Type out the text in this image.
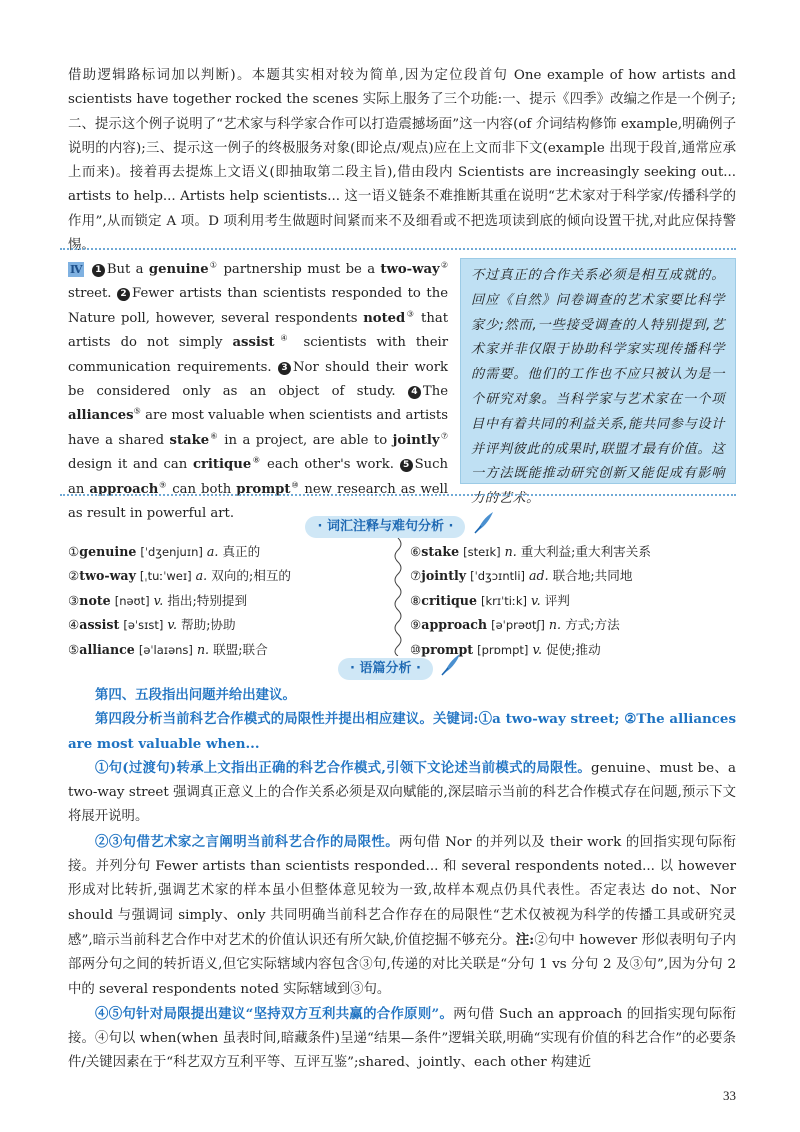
借助逻辑路标词加以判断)。本题其实相对较为简单,因为定位段首句 One example of how artists and scientists have together rocked the scenes 实际上服务了三个功能:一、提示《四季》改编之作是一个例子;二、提示这个例子说明了“艺术家与科学家合作可以打造震撼场面”这一内容(of 介词结构修饰 example,明确例子说明的内容);三、提示这一例子的终极服务对象(即论点/观点)应在上文而非下文(example 出现于段首,通常应承上而来)。接着再去提炼上文语义(即抽取第二段主旨),借由段内 Scientists are increasingly seeking out... artists to help... Artists help scientists... 这一语义链条不难推断其重在说明“艺术家对于科学家/传播科学的作用”,从而锁定 A 项。D 项利用考生做题时间紧而来不及细看或不把选项读到底的倾向设置干扰,对此应保持警惕。

Ⅳ 1 But a genuine① partnership must be a two-way② street. 2 Fewer artists than scientists responded to the Nature poll, however, several respondents noted③ that artists do not simply assist④ scientists with their communication requirements. 3 Nor should their work be considered only as an object of study. 4 The alliances⑤ are most valuable when scientists and artists have a shared stake⑥ in a project, are able to jointly⑦ design it and can critique⑧ each other's work. 5 Such an approach⑨ can both prompt⑩ new research as well as result in powerful art.

不过真正的合作关系必须是相互成就的。回应《自然》问卷调查的艺术家要比科学家少;然而,一些接受调查的人特别提到,艺术家并非仅限于协助科学家实现传播科学的需要。他们的工作也不应只被认为是一个研究对象。当科学家与艺术家在一个项目中有着共同的利益关系,能共同参与设计并评判彼此的成果时,联盟才最有价值。这一方法既能推动研究创新又能促成有影响力的艺术。
· 词汇注释与难句分析 ·
①genuine [ˈdʒenjuɪn] a. 真正的
②two-way [ˌtuːˈweɪ] a. 双向的;相互的
③note [nəʊt] v. 指出;特别提到
④assist [əˈsɪst] v. 帮助;协助
⑤alliance [əˈlaɪəns] n. 联盟;联合
⑥stake [steɪk] n. 重大利益;重大利害关系
⑦jointly [ˈdʒɔɪntli] ad. 联合地;共同地
⑧critique [krɪˈtiːk] v. 评判
⑨approach [əˈprəʊtʃ] n. 方式;方法
⑩prompt [prɒmpt] v. 促使;推动
· 语篇分析 ·

第四、五段指出问题并给出建议。

第四段分析当前科艺合作模式的局限性并提出相应建议。关键词:①a two-way street; ②The alliances are most valuable when...

①句(过渡句)转承上文指出正确的科艺合作模式,引领下文论述当前模式的局限性。genuine、must be、a two-way street 强调真正意义上的合作关系必须是双向赋能的,深层暗示当前的科艺合作模式存在问题,预示下文将展开说明。

②③句借艺术家之言阐明当前科艺合作的局限性。两句借 Nor 的并列以及 their work 的回指实现句际衔接。并列分句 Fewer artists than scientists responded... 和 several respondents noted... 以 however 形成对比转折,强调艺术家的样本虽小但整体意见较为一致,故样本观点仍具代表性。否定表达 do not、Nor should 与强调词 simply、only 共同明确当前科艺合作存在的局限性“艺术仅被视为科学的传播工具或研究灵感”,暗示当前科艺合作中对艺术的价值认识还有所欠缺,价值挖掘不够充分。注:②句中 however 形似表明句子内部两分句之间的转折语义,但它实际辖域内容包含③句,传递的对比关联是“分句 1 vs 分句 2 及③句”,因为分句 2 中的 several respondents noted 实际辖域到③句。

④⑤句针对局限提出建议“坚持双方互利共赢的合作原则”。两句借 Such an approach 的回指实现句际衔接。④句以 when(when 虽表时间,暗藏条件)呈递“结果—条件”逻辑关联,明确“实现有价值的科艺合作”的必要条件/关键因素在于“科艺双方互利平等、互评互鉴”;shared、jointly、each other 构建近

33
